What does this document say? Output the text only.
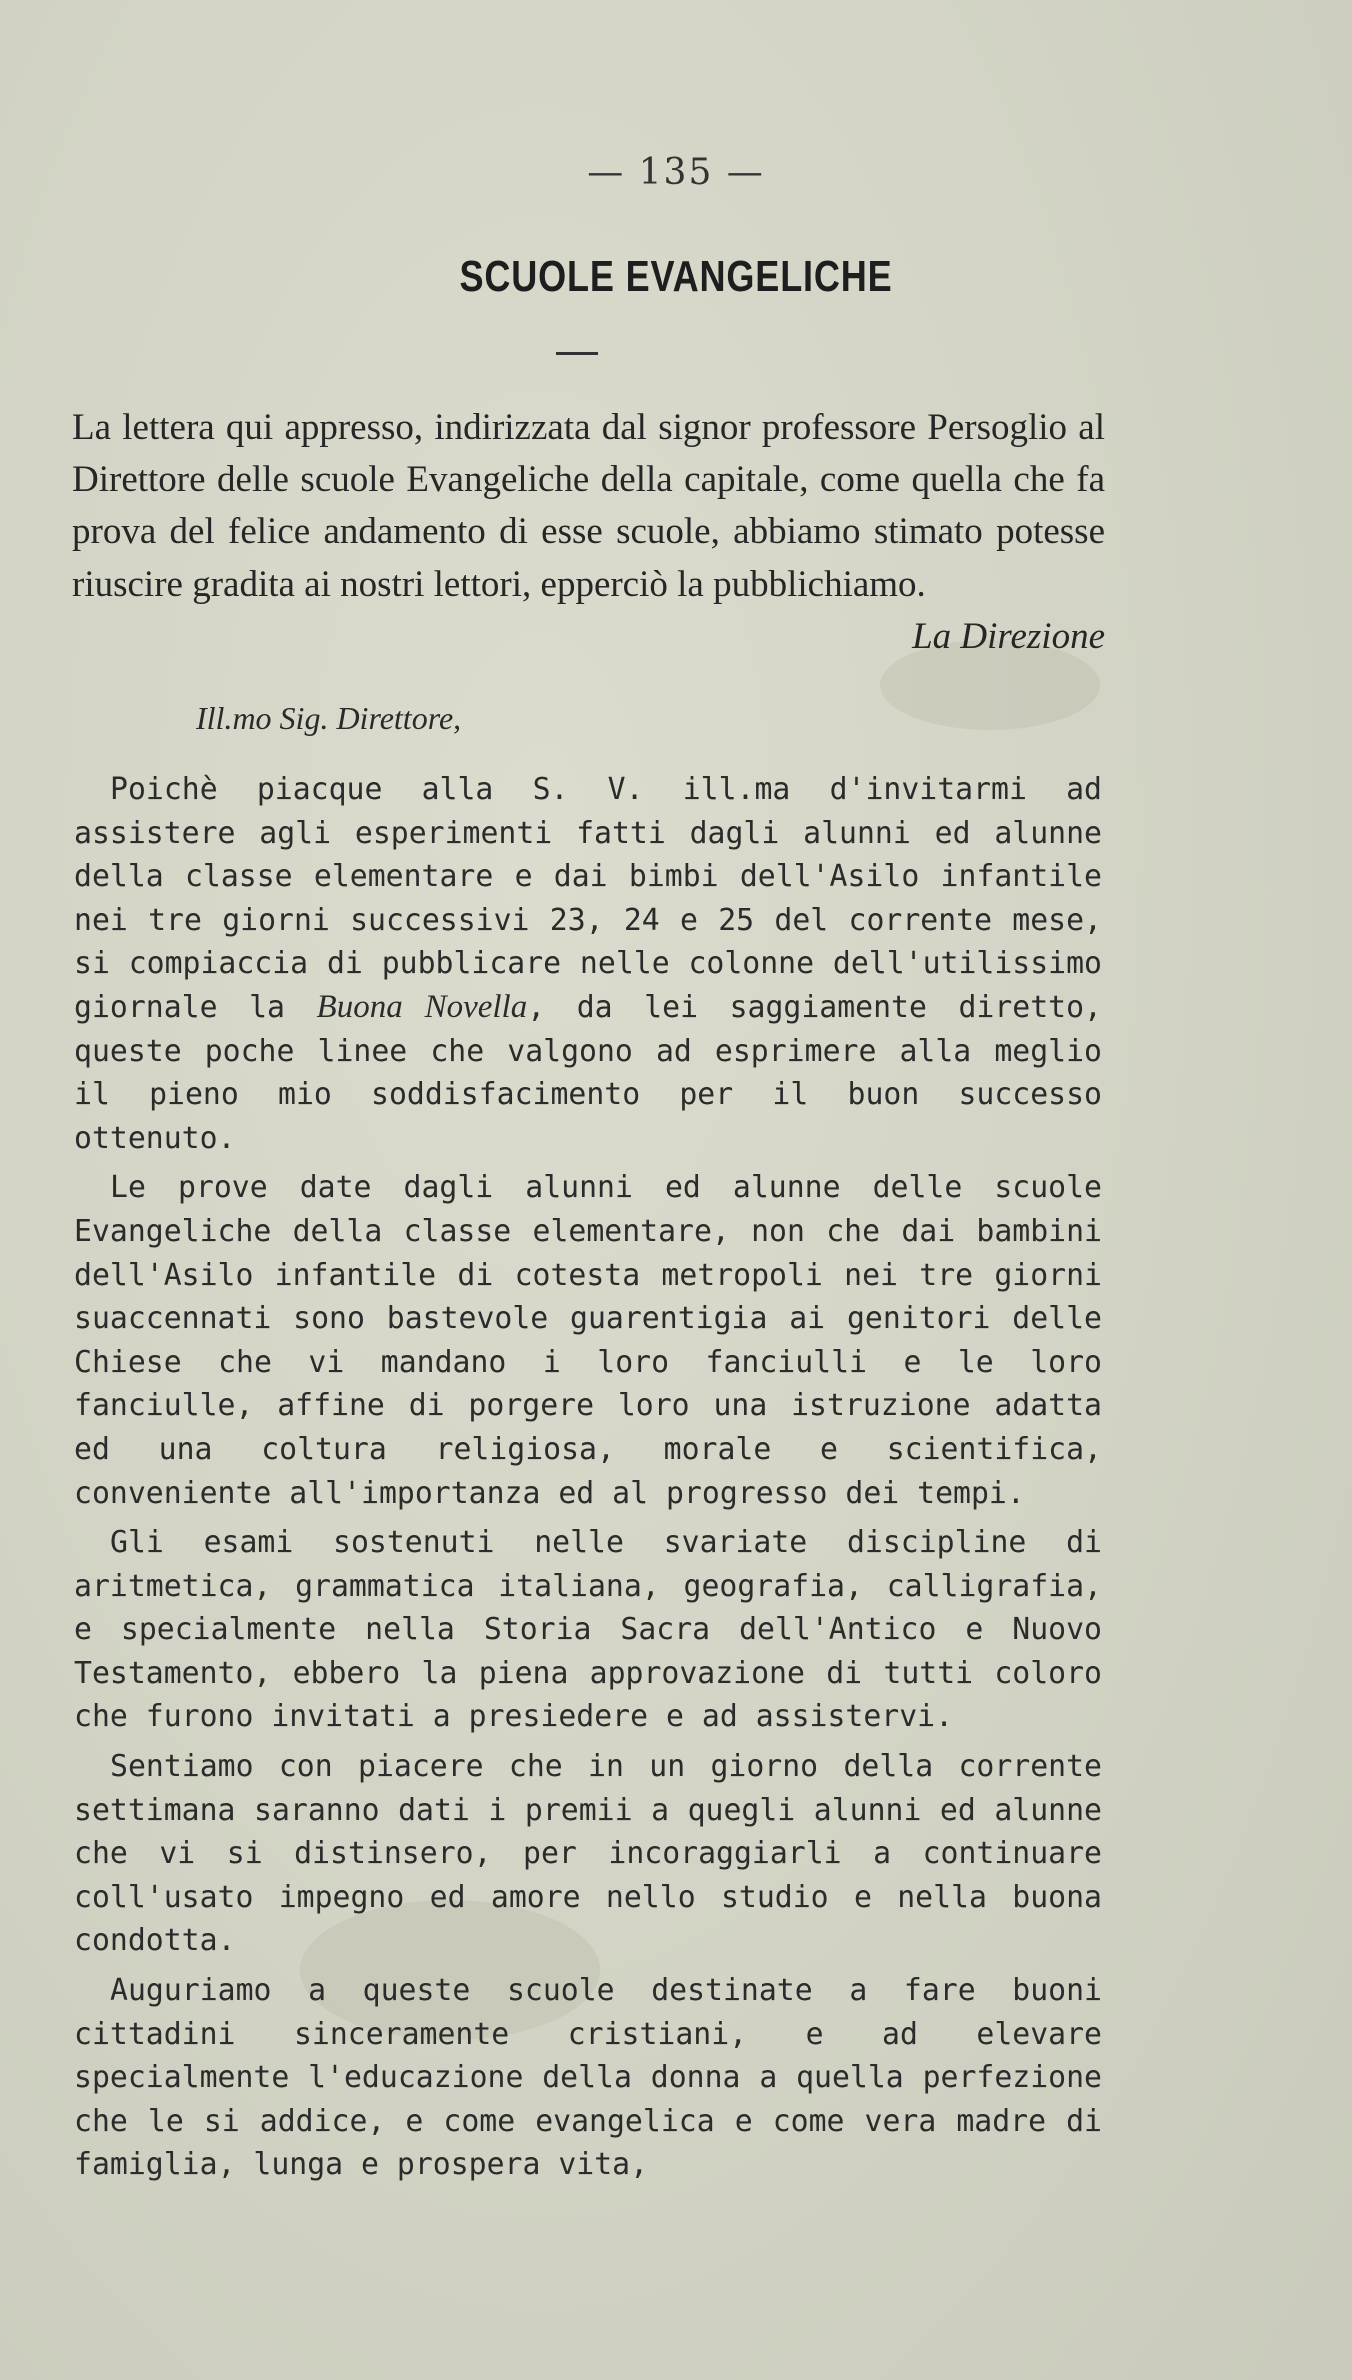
— 135 —
SCUOLE EVANGELICHE
La lettera qui appresso, indirizzata dal signor professore Persoglio al Direttore delle scuole Evangeliche della capitale, come quella che fa prova del felice andamento di esse scuole, abbiamo stimato potesse riuscire gradita ai nostri lettori, epperciò la pubblichiamo.
La Direzione
Ill.mo Sig. Direttore,

Poichè piacque alla S. V. ill.ma d'invitarmi ad assistere agli esperimenti fatti dagli alunni ed alunne della classe elementare e dai bimbi dell'Asilo infantile nei tre giorni successivi 23, 24 e 25 del corrente mese, si compiaccia di pubblicare nelle colonne dell'utilissimo giornale la Buona Novella, da lei saggiamente diretto, queste poche linee che valgono ad esprimere alla meglio il pieno mio soddisfacimento per il buon successo ottenuto.

Le prove date dagli alunni ed alunne delle scuole Evangeliche della classe elementare, non che dai bambini dell'Asilo infantile di cotesta metropoli nei tre giorni suaccennati sono bastevole guarentigia ai genitori delle Chiese che vi mandano i loro fanciulli e le loro fanciulle, affine di porgere loro una istruzione adatta ed una coltura religiosa, morale e scientifica, conveniente all'importanza ed al progresso dei tempi.

Gli esami sostenuti nelle svariate discipline di aritmetica, grammatica italiana, geografia, calligrafia, e specialmente nella Storia Sacra dell'Antico e Nuovo Testamento, ebbero la piena approvazione di tutti coloro che furono invitati a presiedere e ad assistervi.

Sentiamo con piacere che in un giorno della corrente settimana saranno dati i premii a quegli alunni ed alunne che vi si distinsero, per incoraggiarli a continuare coll'usato impegno ed amore nello studio e nella buona condotta.

Auguriamo a queste scuole destinate a fare buoni cittadini sinceramente cristiani, e ad elevare specialmente l'educazione della donna a quella perfezione che le si addice, e come evangelica e come vera madre di famiglia, lunga e prospera vita,
